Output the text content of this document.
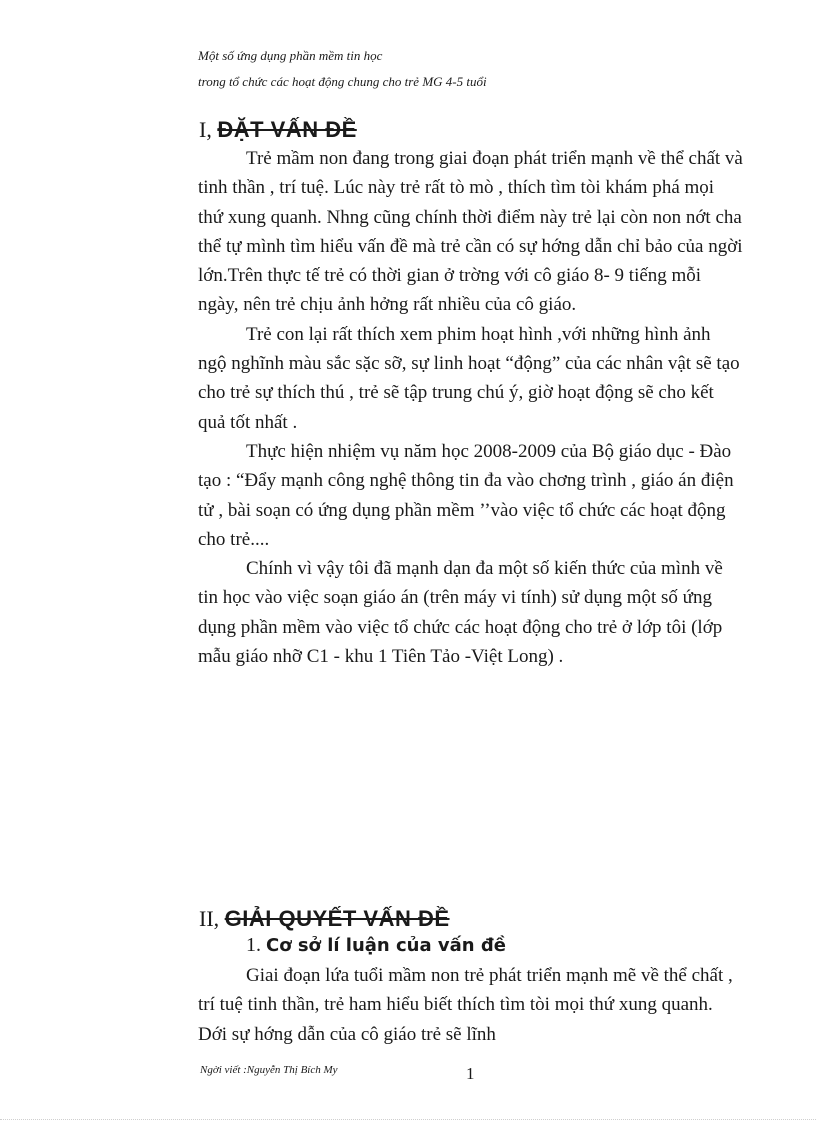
Một số ứng dụng phần mềm tin học
trong tổ chức các hoạt động chung cho trẻ MG 4-5 tuổi
I, ĐẶT VẤN ĐỀ

Trẻ mầm non đang trong giai đoạn phát triển mạnh về thể chất và tinh thần , trí tuệ. Lúc này trẻ rất tò mò , thích tìm tòi khám phá mọi thứ xung quanh. Nhng cũng chính thời điểm này trẻ lại còn non nớt cha thể tự mình tìm hiểu vấn đề mà trẻ cần có sự hớng dẫn chỉ bảo của ngời lớn.Trên thực tế trẻ có thời gian ở trờng với cô giáo 8- 9 tiếng mỗi ngày, nên trẻ chịu ảnh hởng rất nhiều của cô giáo.

Trẻ con lại rất thích xem phim hoạt hình ,với những hình ảnh ngộ nghĩnh màu sắc sặc sỡ, sự linh hoạt “động” của các nhân vật sẽ tạo cho trẻ sự thích thú , trẻ sẽ tập trung chú ý, giờ hoạt động sẽ cho kết quả tốt nhất .

Thực hiện nhiệm vụ năm học 2008-2009 của Bộ giáo dục - Đào tạo : “Đẩy mạnh công nghệ thông tin đa vào chơng trình , giáo án điện tử , bài soạn có ứng dụng phần mềm ’’vào việc tổ chức các hoạt động cho trẻ....

Chính vì vậy tôi đã mạnh dạn đa một số kiến thức của mình về tin học vào việc soạn giáo án (trên máy vi tính) sử dụng một số ứng dụng phần mềm vào việc tổ chức các hoạt động cho trẻ ở lớp tôi (lớp mẫu giáo nhỡ C1 - khu 1 Tiên Tảo -Việt Long) .

II, GIẢI QUYẾT VẤN ĐỀ
1. Cơ sở lí luận của vấn đề

Giai đoạn lứa tuổi mầm non trẻ phát triển mạnh mẽ về thể chất , trí tuệ tinh thần, trẻ ham hiểu biết thích tìm tòi mọi thứ xung quanh. Dới sự hớng dẫn của cô giáo trẻ sẽ lĩnh

Ngời viết :Nguyễn Thị Bích My	1
